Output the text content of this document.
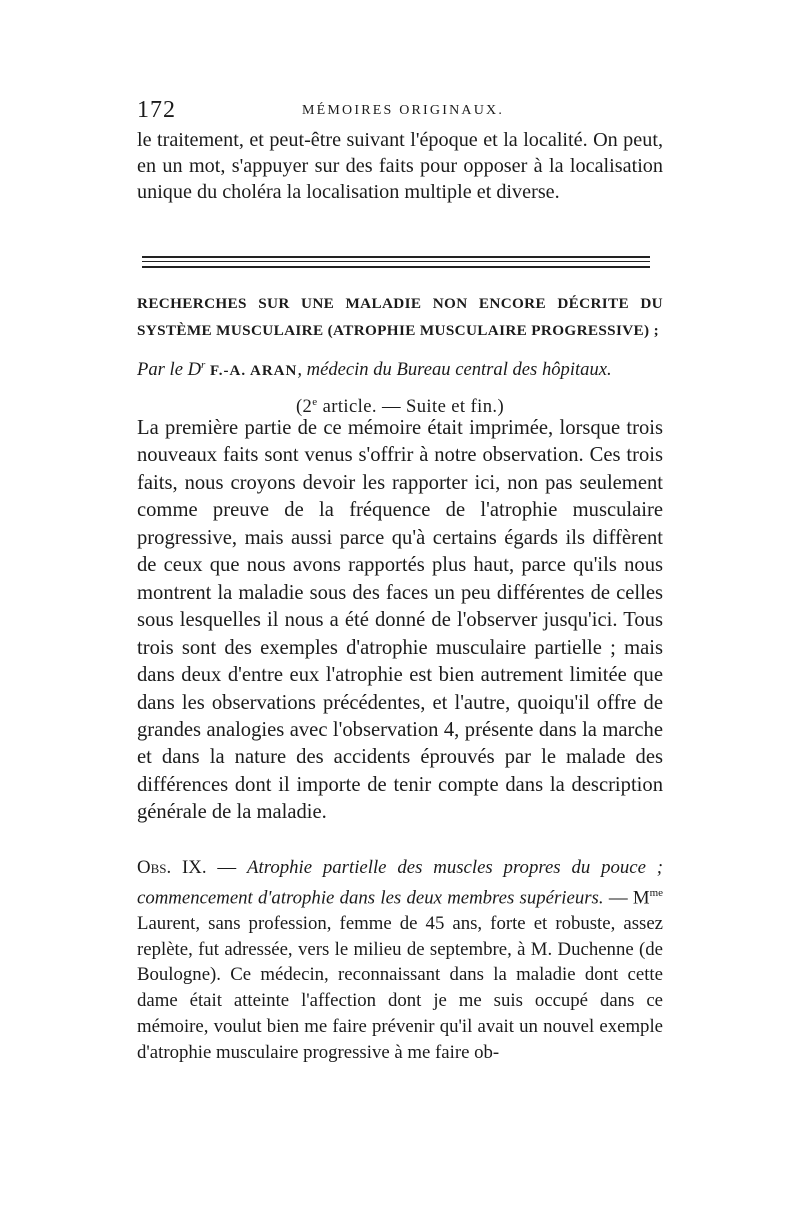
172	MÉMOIRES ORIGINAUX.

le traitement, et peut-être suivant l'époque et la localité. On peut, en un mot, s'appuyer sur des faits pour opposer à la localisation unique du choléra la localisation multiple et diverse.

RECHERCHES SUR UNE MALADIE NON ENCORE DÉCRITE DU SYSTÈME MUSCULAIRE (ATROPHIE MUSCULAIRE PROGRESSIVE) ;
Par le $D^r$ F.-A. ARAN, médecin du Bureau central des hôpitaux.
(2e article. — Suite et fin.)

La première partie de ce mémoire était imprimée, lorsque trois nouveaux faits sont venus s'offrir à notre observation. Ces trois faits, nous croyons devoir les rapporter ici, non pas seulement comme preuve de la fréquence de l'atrophie musculaire progressive, mais aussi parce qu'à certains égards ils diffèrent de ceux que nous avons rapportés plus haut, parce qu'ils nous montrent la maladie sous des faces un peu différentes de celles sous lesquelles il nous a été donné de l'observer jusqu'ici. Tous trois sont des exemples d'atrophie musculaire partielle ; mais dans deux d'entre eux l'atrophie est bien autrement limitée que dans les observations précédentes, et l'autre, quoiqu'il offre de grandes analogies avec l'observation 4, présente dans la marche et dans la nature des accidents éprouvés par le malade des différences dont il importe de tenir compte dans la description générale de la maladie.

Obs. IX. — Atrophie partielle des muscles propres du pouce ; commencement d'atrophie dans les deux membres supérieurs. — $M^{me}$ Laurent, sans profession, femme de 45 ans, forte et robuste, assez replète, fut adressée, vers le milieu de septembre, à M. Duchenne (de Boulogne). Ce médecin, reconnaissant dans la maladie dont cette dame était atteinte l'affection dont je me suis occupé dans ce mémoire, voulut bien me faire prévenir qu'il avait un nouvel exemple d'atrophie musculaire progressive à me faire ob-
